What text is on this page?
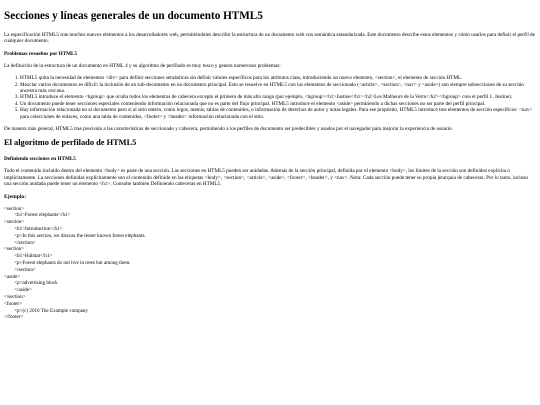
Secciones y líneas generales de un documento HTML5

La especificación HTML5 trae muchos nuevos elementos a los desarrolladores web, permitiéndoles describir la estructura de un documento web con semántica estandarizada. Este documento describe estos elementos y cómo usarlos para definir el perfil de cualquier documento.

Problemas resueltos por HTML5

La definición de la estructura de un documento en HTML 4 y su algoritmo de perfilado es muy tosco y genera numerosos problemas:

1. HTML5 quita la necesidad de elementos <div> para definir secciones semánticas sin definir valores específicos para los atributos class, introduciendo un nuevo elemento, <section>, el elemento de sección HTML.
2. Mezclar varios documentos es difícil: la inclusión de un sub-documento en un documento principal. Esto se resuelve en HTML5 con los elementos de seccionado (<article>, <section>, <nav> y <aside>) son siempre subsecciones de su sección ancestra más cercana.
3. HTML5 introduce el elemento <hgroup> que oculta todos los elementos de cabecera excepto el primero de más alto rango (por ejemplo, <hgroup><h1>Justine</h1><h2>Les Malheurs de la Vertu</h2></hgroup> crea el perfil 1. Justine).
4. Un documento puede tener secciones especiales conteniendo información relacionada que no es parte del flujo principal. HTML5 introduce el elemento <aside> permitiendo a dichas secciones no ser parte del perfil principal.
5. Hay información relacionada no al documento pero si al sitio entero, como logos, menús, tablas de contenidos, o información de derechos de autor y notas legales. Para ese propósito, HTML5 introduce tres elementos de sección específicos: <nav> para colecciones de enlaces, como una tabla de contenidos, <footer> y <header> información relacionada con el sitio.

De manera más general, HTML5 trae precisión a las características de seccionado y cabecera, permitiendo a los perfiles de documento ser predecibles y usados por el navegador para mejorar la experiencia de usuario.

El algoritmo de perfilado de HTML5
Definiendo secciones en HTML5

Todo el contenido incluido dentro del elemento <body> es parte de una sección. Las secciones en HTML5 pueden ser anidadas. Además de la sección principal, definida por el elemento <body>, los límites de la sección son definidos explícita o implícitamente. La secciones definidas explícitamente son el contenido definido en las etiquetas <body>, <section>, <article>, <aside>, <footer>, <header>, y <nav>. Nota: Cada sección puede tener su propia jerarquía de cabeceras. Por lo tanto, incluso una sección anidada puede tener un elemento <h1>. Consulte también Definiendo cabeceras en HTML5.

Ejemplo:
<section>
<h1>Forest elephants</h1>
<section>
<h1>Introduction</h1>
<p>In this section, we discuss the lesser known forest elephants.
</section>
<section>
<h1>Habitat</h1>
<p>Forest elephants do not live in trees but among them.
</section>
<aside>
<p>advertising block
</aside>
</section>
<footer>
<p>(c) 2010 The Example company
</footer>
